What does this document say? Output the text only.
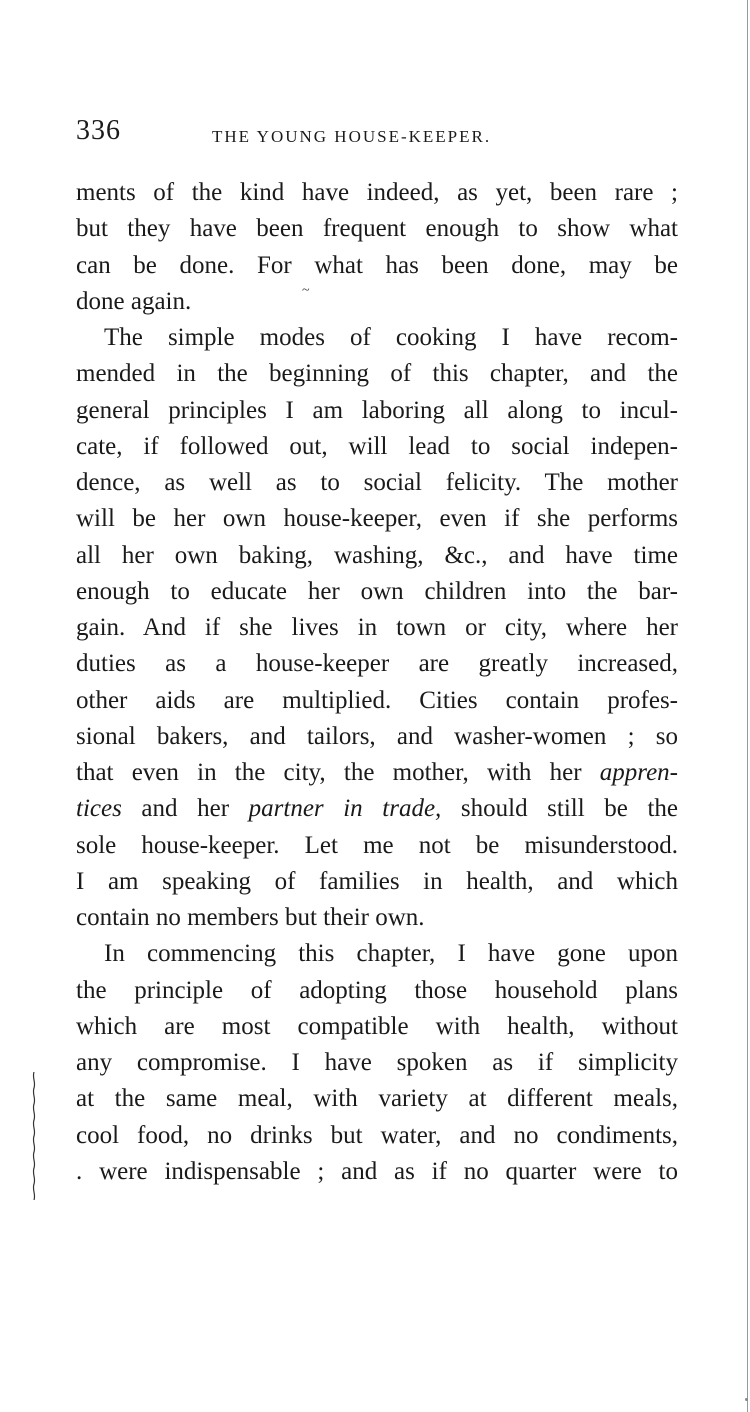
336	THE YOUNG HOUSE-KEEPER.
~
ments of the kind have indeed, as yet, been rare ;
but they have been frequent enough to show what
can be done. For what has been done, may be
done again.
The simple modes of cooking I have recom-
mended in the beginning of this chapter, and the
general principles I am laboring all along to incul-
cate, if followed out, will lead to social indepen-
dence, as well as to social felicity. The mother
will be her own house-keeper, even if she performs
all her own baking, washing, &c., and have time
enough to educate her own children into the bar-
gain. And if she lives in town or city, where her
duties as a house-keeper are greatly increased,
other aids are multiplied. Cities contain profes-
sional bakers, and tailors, and washer-women ; so
that even in the city, the mother, with her appren-
tices and her partner in trade, should still be the
sole house-keeper. Let me not be misunderstood.
I am speaking of families in health, and which
contain no members but their own.
In commencing this chapter, I have gone upon
the principle of adopting those household plans
which are most compatible with health, without
any compromise. I have spoken as if simplicity
at the same meal, with variety at different meals,
cool food, no drinks but water, and no condiments,
. were indispensable ; and as if no quarter were to
